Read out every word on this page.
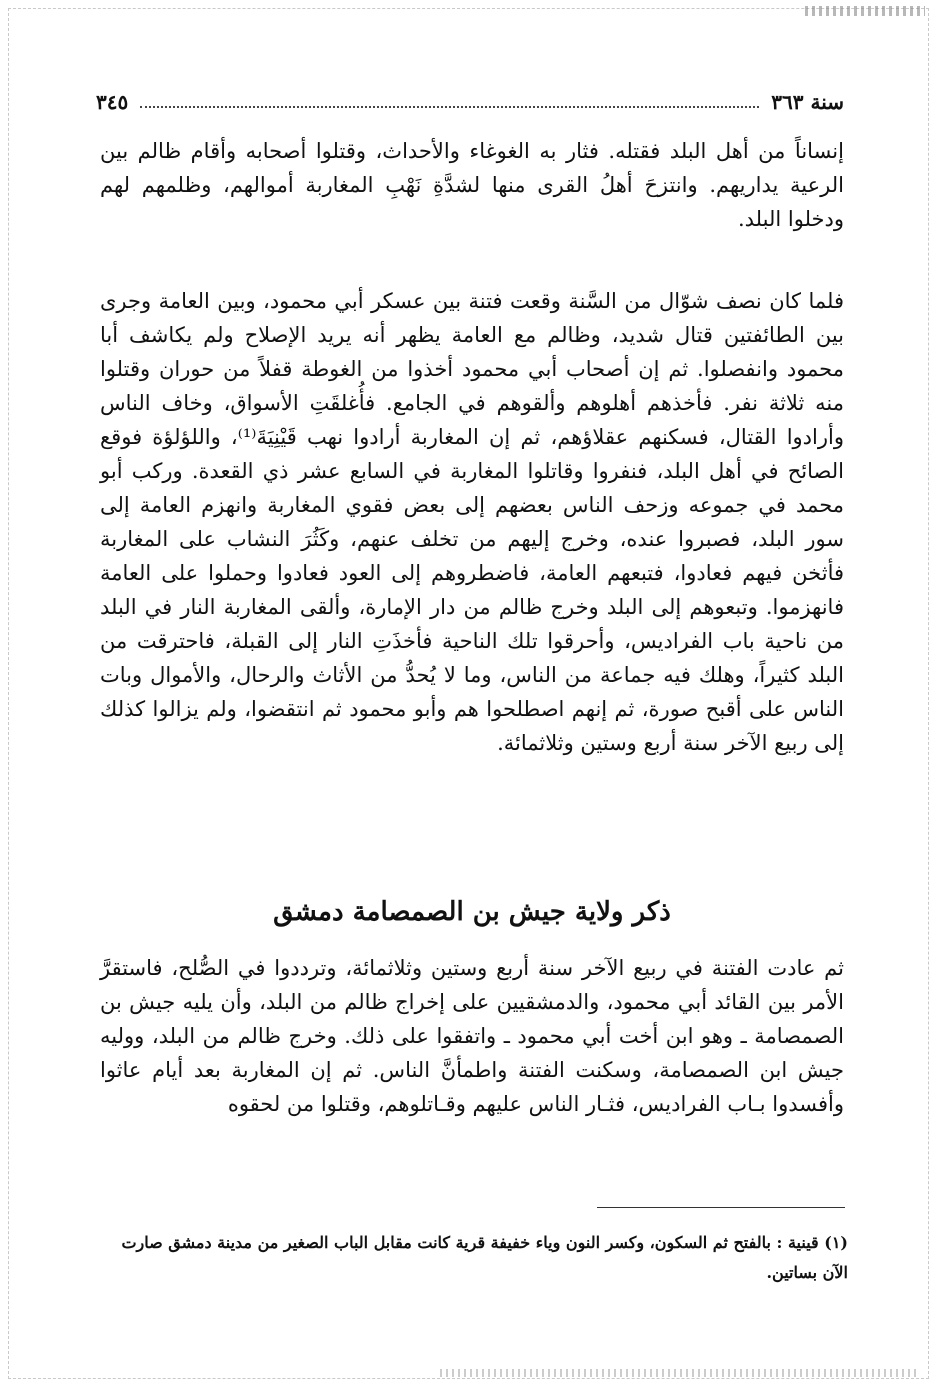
سنة ٣٦٣
٣٤٥

إنساناً من أهل البلد فقتله. فثار به الغوغاء والأحداث، وقتلوا أصحابه وأقام ظالم بين الرعية يداريهم. وانتزحَ أهلُ القرى منها لشدَّةِ نَهْبِ المغاربة أموالهم، وظلمهم لهم ودخلوا البلد.

فلما كان نصف شوّال من السَّنة وقعت فتنة بين عسكر أبي محمود، وبين العامة وجرى بين الطائفتين قتال شديد، وظالم مع العامة يظهر أنه يريد الإصلاح ولم يكاشف أبا محمود وانفصلوا. ثم إن أصحاب أبي محمود أخذوا من الغوطة قفلاً من حوران وقتلوا منه ثلاثة نفر. فأخذهم أهلوهم وألقوهم في الجامع. فأُغلقَتِ الأسواق، وخاف الناس وأرادوا القتال، فسكنهم عقلاؤهم، ثم إن المغاربة أرادوا نهب قَيْنِيَةَ⁽¹⁾، واللؤلؤة فوقع الصائح في أهل البلد، فنفروا وقاتلوا المغاربة في السابع عشر ذي القعدة. وركب أبو محمد في جموعه وزحف الناس بعضهم إلى بعض فقوي المغاربة وانهزم العامة إلى سور البلد، فصبروا عنده، وخرج إليهم من تخلف عنهم، وكَثُرَ النشاب على المغاربة فأثخن فيهم فعادوا، فتبعهم العامة، فاضطروهم إلى العود فعادوا وحملوا على العامة فانهزموا. وتبعوهم إلى البلد وخرج ظالم من دار الإمارة، وألقى المغاربة النار في البلد من ناحية باب الفراديس، وأحرقوا تلك الناحية فأخذَتِ النار إلى القبلة، فاحترقت من البلد كثيراً، وهلك فيه جماعة من الناس، وما لا يُحدُّ من الأثاث والرحال، والأموال وبات الناس على أقبح صورة، ثم إنهم اصطلحوا هم وأبو محمود ثم انتقضوا، ولم يزالوا كذلك إلى ربيع الآخر سنة أربع وستين وثلاثمائة.

ذكر ولاية جيش بن الصمصامة دمشق

ثم عادت الفتنة في ربيع الآخر سنة أربع وستين وثلاثمائة، وترددوا في الصُّلح، فاستقرَّ الأمر بين القائد أبي محمود، والدمشقيين على إخراج ظالم من البلد، وأن يليه جيش بن الصمصامة ـ وهو ابن أخت أبي محمود ـ واتفقوا على ذلك. وخرج ظالم من البلد، ووليه جيش ابن الصمصامة، وسكنت الفتنة واطمأنَّ الناس. ثم إن المغاربة بعد أيام عاثوا وأفسدوا بـاب الفراديس، فثـار الناس عليهم وقـاتلوهم، وقتلوا من لحقوه

(١) قينية : بالفتح ثم السكون، وكسر النون وياء خفيفة قرية كانت مقابل الباب الصغير من مدينة دمشق صارت الآن بساتين.
